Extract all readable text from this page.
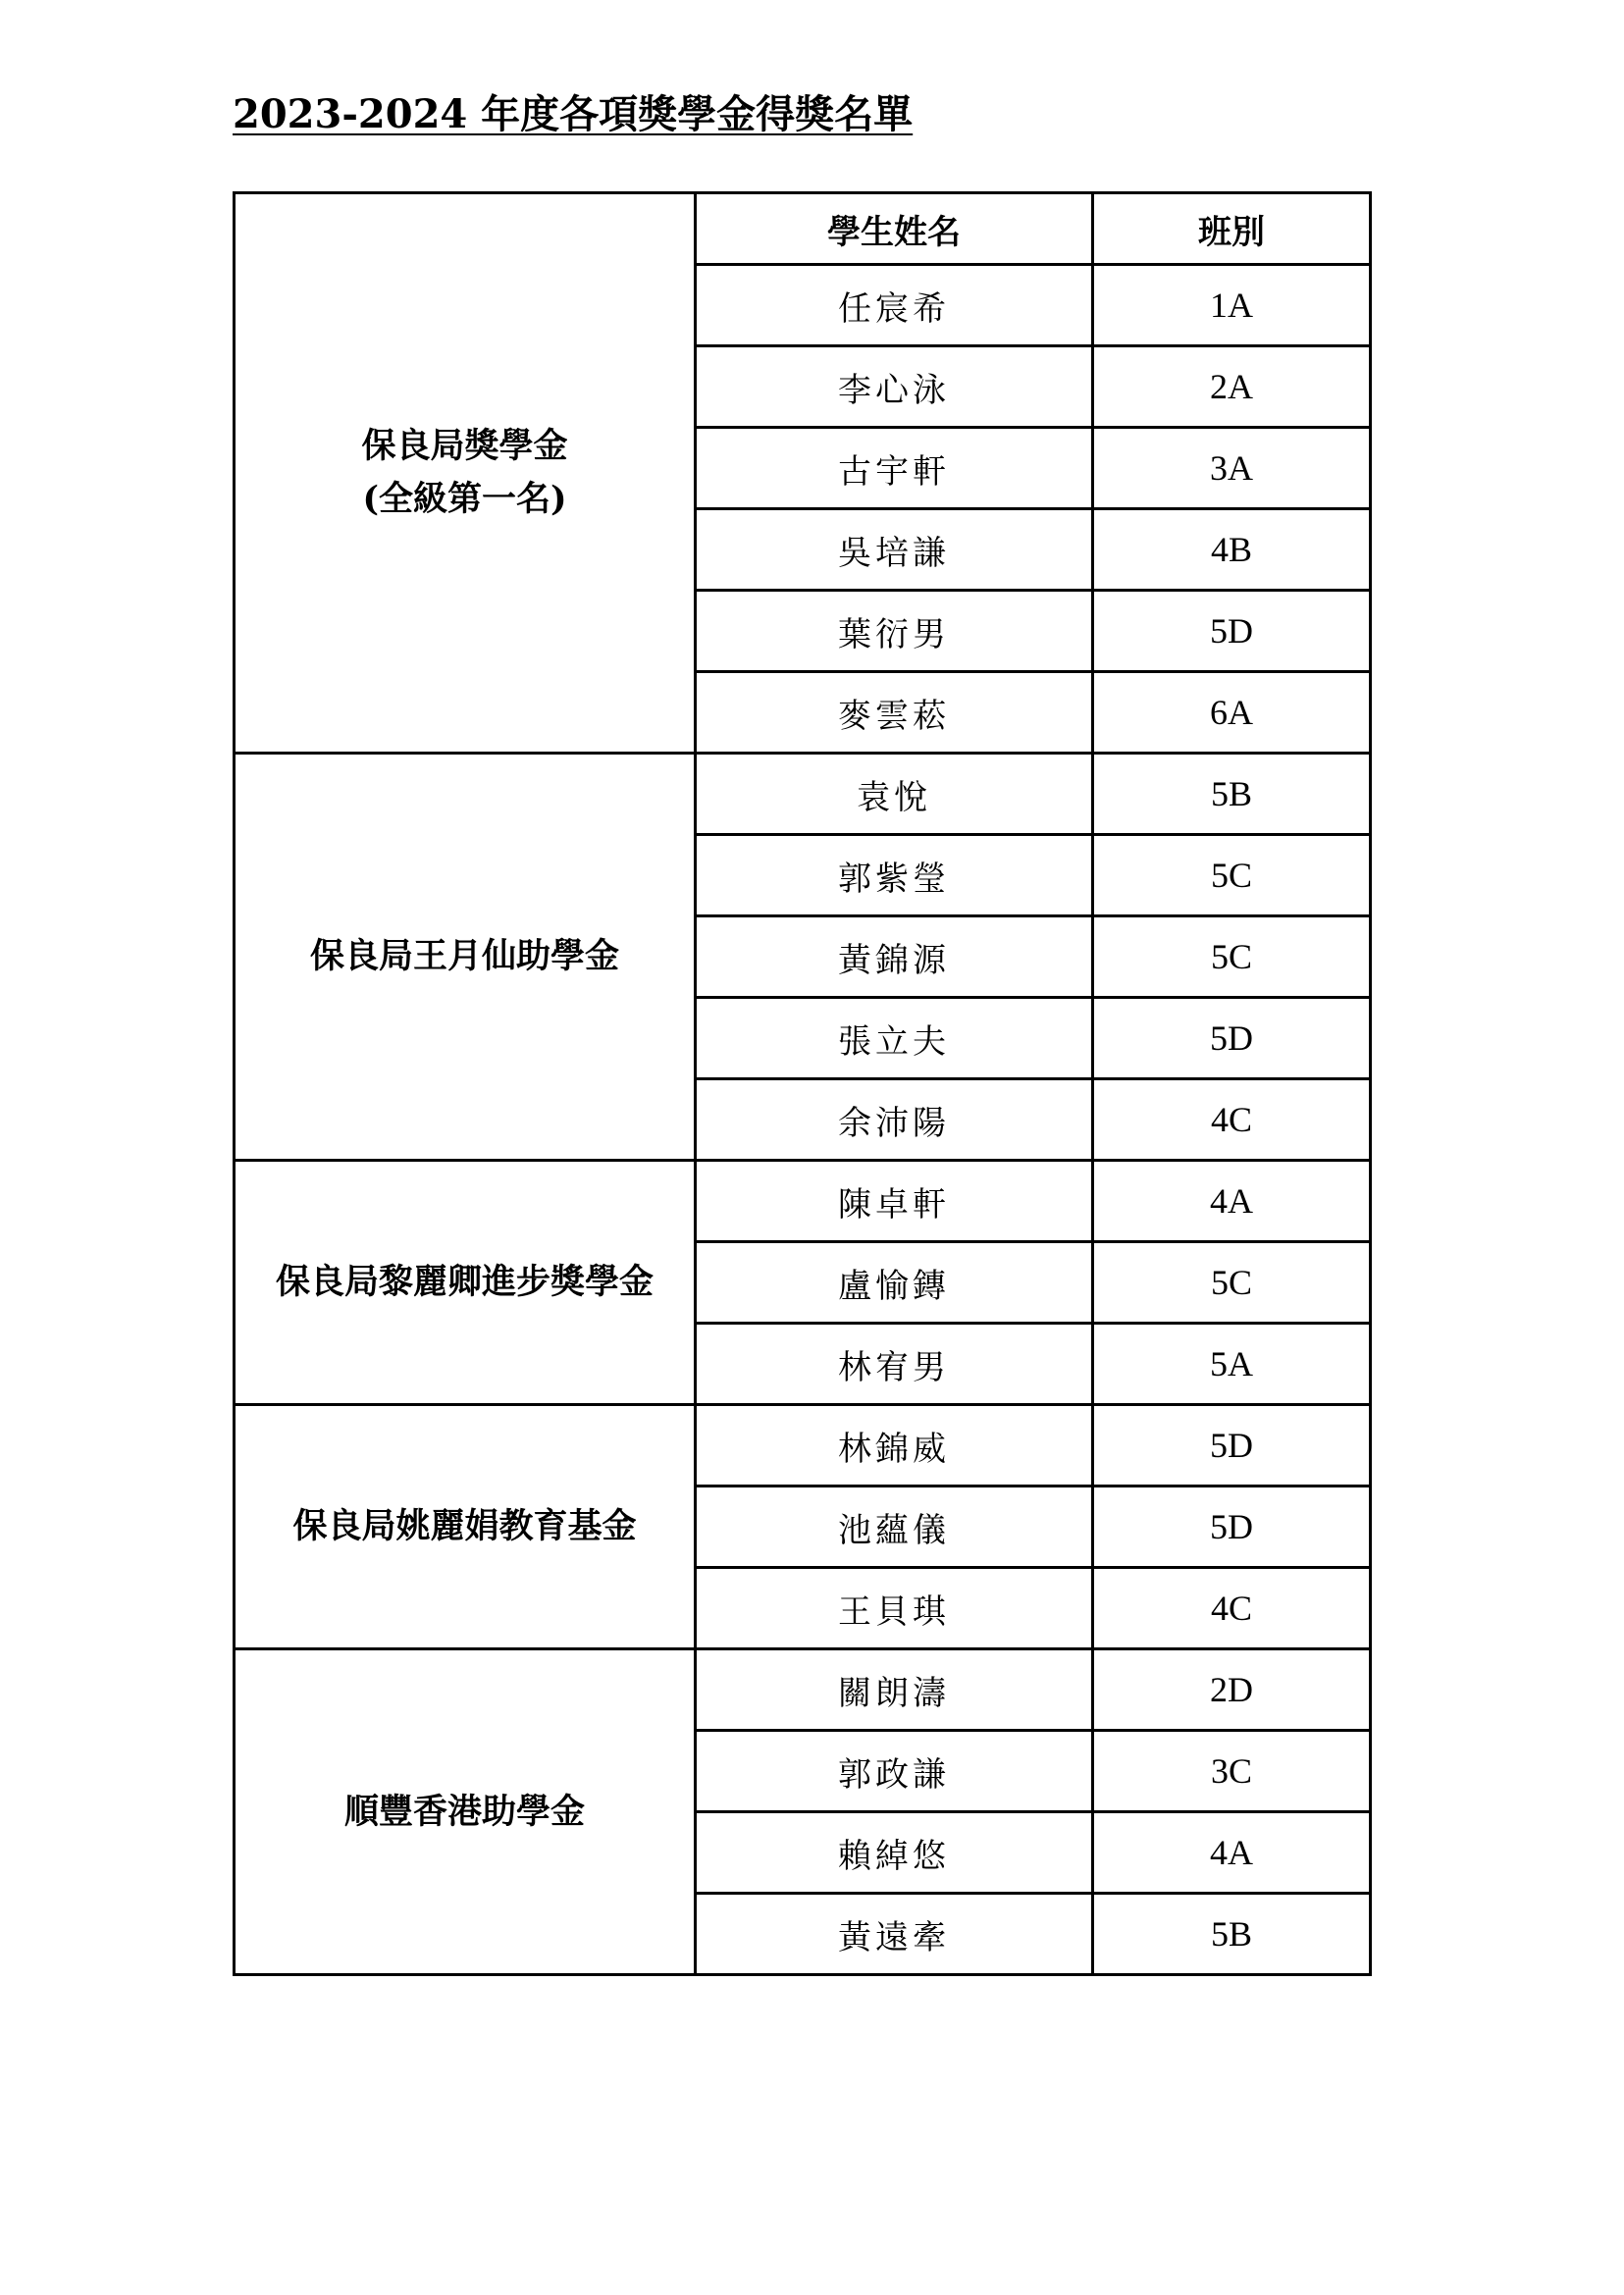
2023-2024 年度各項獎學金得獎名單
保良局獎學金
(全級第一名)	學生姓名	班別
	任宸希	1A
	李心泳	2A
	古宇軒	3A
	吳培謙	4B
	葉衍男	5D
	麥雲菘	6A

保良局王月仙助學金	袁悅	5B
	郭紫瑩	5C
	黃錦源	5C
	張立夫	5D
	余沛陽	4C

保良局黎麗卿進步獎學金	陳卓軒	4A
	盧愉鏄	5C
	林宥男	5A

保良局姚麗娟教育基金	林錦威	5D
	池蘊儀	5D
	王貝琪	4C

順豐香港助學金	關朗濤	2D
	郭政謙	3C
	賴綽悠	4A
	黃遠牽	5B
